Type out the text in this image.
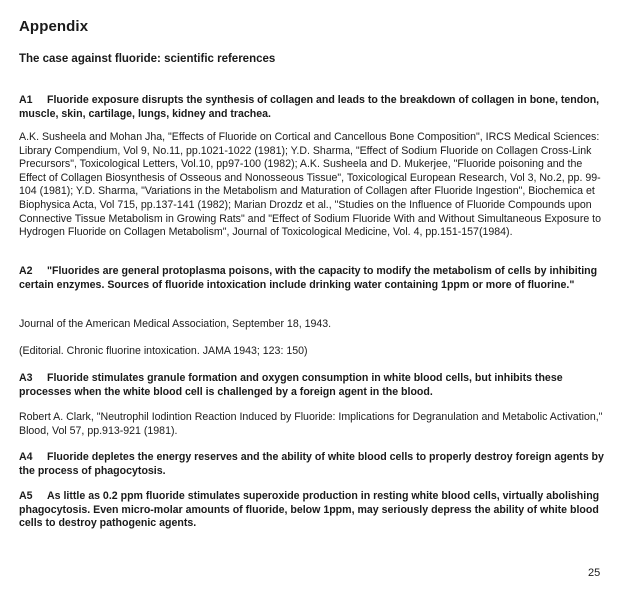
Appendix
The case against fluoride: scientific references
A1 Fluoride exposure disrupts the synthesis of collagen and leads to the breakdown of collagen in bone, tendon, muscle, skin, cartilage, lungs, kidney and trachea.
A.K. Susheela and Mohan Jha, "Effects of Fluoride on Cortical and Cancellous Bone Composition", IRCS Medical Sciences: Library Compendium, Vol 9, No.11, pp.1021-1022 (1981); Y.D. Sharma, "Effect of Sodium Fluoride on Collagen Cross-Link Precursors", Toxicological Letters, Vol.10, pp97-100 (1982); A.K. Susheela and D. Mukerjee, "Fluoride poisoning and the Effect of Collagen Biosynthesis of Osseous and Nonosseous Tissue", Toxicological European Research, Vol 3, No.2, pp. 99-104 (1981); Y.D. Sharma, "Variations in the Metabolism and Maturation of Collagen after Fluoride Ingestion", Biochemica et Biophysica Acta, Vol 715, pp.137-141 (1982); Marian Drozdz et al., "Studies on the Influence of Fluoride Compounds upon Connective Tissue Metabolism in Growing Rats" and "Effect of Sodium Fluoride With and Without Simultaneous Exposure to Hydrogen Fluoride on Collagen Metabolism", Journal of Toxicological Medicine, Vol. 4, pp.151-157(1984).
A2 "Fluorides are general protoplasma poisons, with the capacity to modify the metabolism of cells by inhibiting certain enzymes. Sources of fluoride intoxication include drinking water containing 1ppm or more of fluorine."
Journal of the American Medical Association, September 18, 1943.
(Editorial. Chronic fluorine intoxication. JAMA 1943; 123: 150)
A3 Fluoride stimulates granule formation and oxygen consumption in white blood cells, but inhibits these processes when the white blood cell is challenged by a foreign agent in the blood.
Robert A. Clark, "Neutrophil Iodintion Reaction Induced by Fluoride: Implications for Degranulation and Metabolic Activation," Blood, Vol 57, pp.913-921 (1981).
A4 Fluoride depletes the energy reserves and the ability of white blood cells to properly destroy foreign agents by the process of phagocytosis.
A5 As little as 0.2 ppm fluoride stimulates superoxide production in resting white blood cells, virtually abolishing phagocytosis. Even micro-molar amounts of fluoride, below 1ppm, may seriously depress the ability of white blood cells to destroy pathogenic agents.
25
